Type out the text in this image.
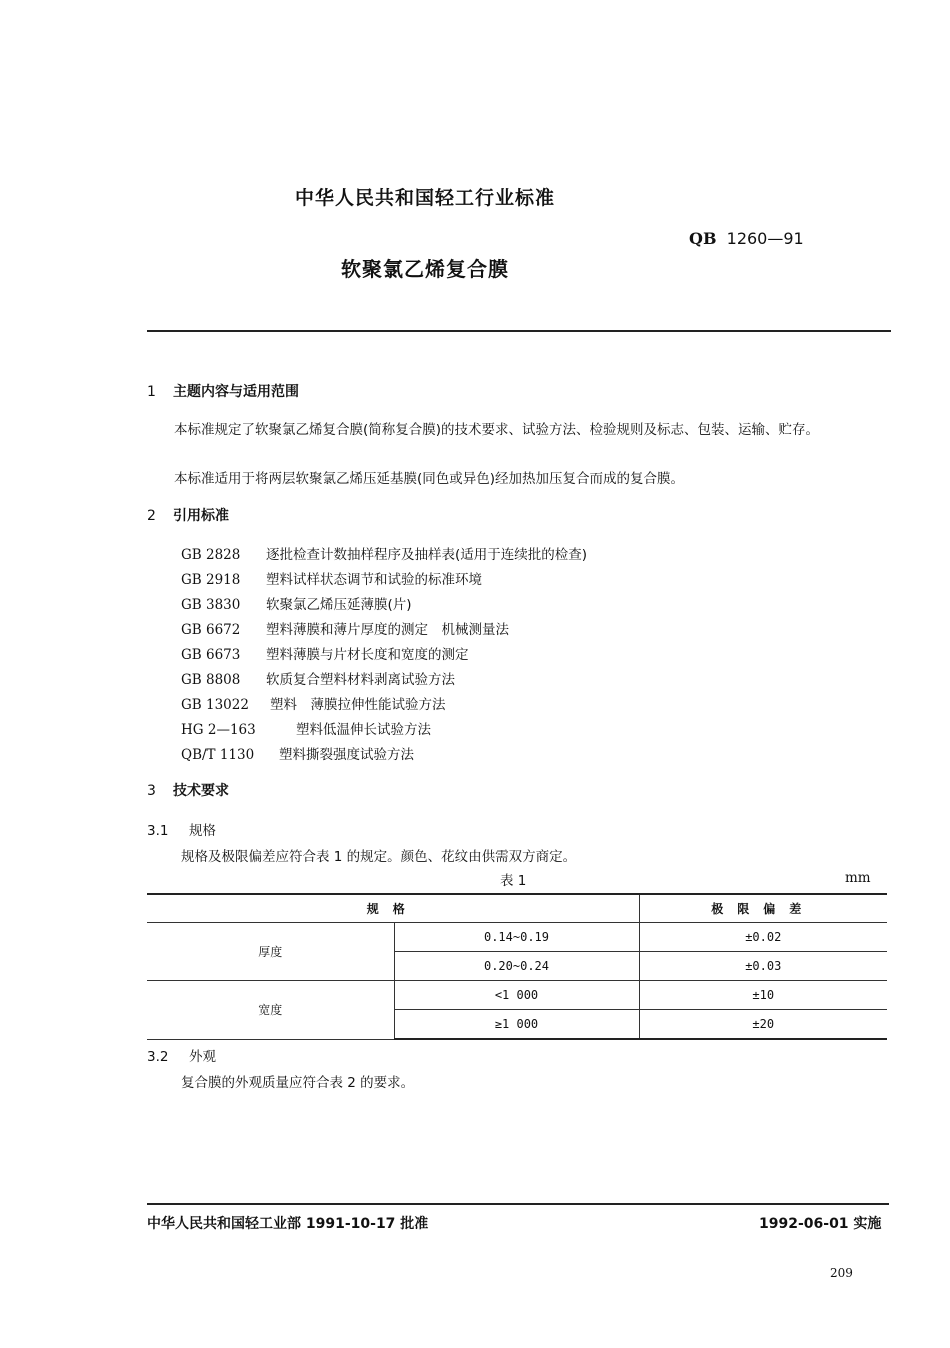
中华人民共和国轻工行业标准
QB 1260—91
软聚氯乙烯复合膜
1 主题内容与适用范围
本标准规定了软聚氯乙烯复合膜(简称复合膜)的技术要求、试验方法、检验规则及标志、包装、运输、贮存。
本标准适用于将两层软聚氯乙烯压延基膜(同色或异色)经加热加压复合而成的复合膜。
2 引用标准
GB 2828 逐批检查计数抽样程序及抽样表(适用于连续批的检查)
GB 2918 塑料试样状态调节和试验的标准环境
GB 3830 软聚氯乙烯压延薄膜(片)
GB 6672 塑料薄膜和薄片厚度的测定　机械测量法
GB 6673 塑料薄膜与片材长度和宽度的测定
GB 8808 软质复合塑料材料剥离试验方法
GB 13022 塑料　薄膜拉伸性能试验方法
HG 2—163	塑料低温伸长试验方法
QB/T 1130 塑料撕裂强度试验方法
3 技术要求
3.1 规格
规格及极限偏差应符合表 1 的规定。颜色、花纹由供需双方商定。
表 1	mm
规格		极限偏差
厚度	0.14~0.19	±0.02
	0.20~0.24	±0.03
宽度	<1 000	±10
	≥1 000	±20
3.2 外观
复合膜的外观质量应符合表 2 的要求。
中华人民共和国轻工业部 1991-10-17 批准	1992-06-01 实施
209
